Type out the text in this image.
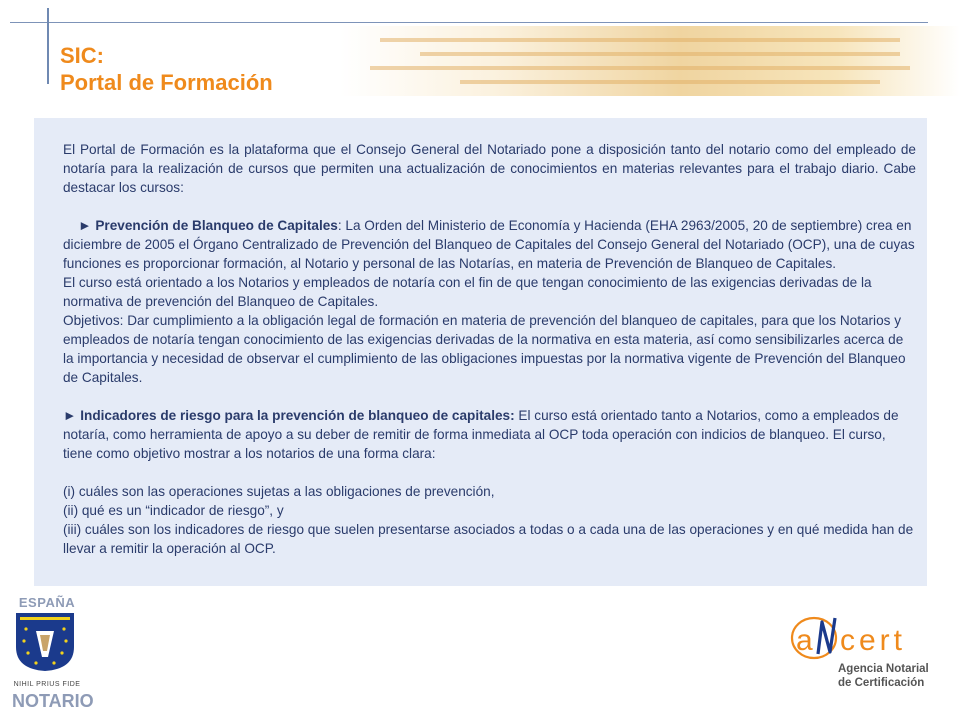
SIC:
Portal de Formación

El Portal de Formación es la plataforma que el Consejo General del Notariado pone a disposición tanto del notario como del empleado de notaría para la realización de cursos que permiten una actualización de conocimientos en materias relevantes para el trabajo diario. Cabe destacar los cursos:

► Prevención de Blanqueo de Capitales: La Orden del Ministerio de Economía y Hacienda (EHA 2963/2005, 20 de septiembre) crea en diciembre de 2005 el Órgano Centralizado de Prevención del Blanqueo de Capitales del Consejo General del Notariado (OCP), una de cuyas funciones es proporcionar formación, al Notario y personal de las Notarías, en materia de Prevención de Blanqueo de Capitales.

El curso está orientado a los Notarios y empleados de notaría con el fin de que tengan conocimiento de las exigencias derivadas de la normativa de prevención del Blanqueo de Capitales.

Objetivos: Dar cumplimiento a la obligación legal de formación en materia de prevención del blanqueo de capitales, para que los Notarios y empleados de notaría tengan conocimiento de las exigencias derivadas de la normativa en esta materia, así como sensibilizarles acerca de la importancia y necesidad de observar el cumplimiento de las obligaciones impuestas por la normativa vigente de Prevención del Blanqueo de Capitales.

► Indicadores de riesgo para la prevención de blanqueo de capitales: El curso está orientado tanto a Notarios, como a empleados de notaría, como herramienta de apoyo a su deber de remitir de forma inmediata al OCP toda operación con indicios de blanqueo. El curso, tiene como objetivo mostrar a los notarios de una forma clara:

(i) cuáles son las operaciones sujetas a las obligaciones de prevención,

(ii) qué es un “indicador de riesgo”, y

(iii) cuáles son los indicadores de riesgo que suelen presentarse asociados a todas o a cada una de las operaciones y en qué medida han de llevar a remitir la operación al OCP.

ESPAÑA
NIHIL PRIUS FIDE
NOTARIO
a cert
Agencia Notarial
de Certificación
